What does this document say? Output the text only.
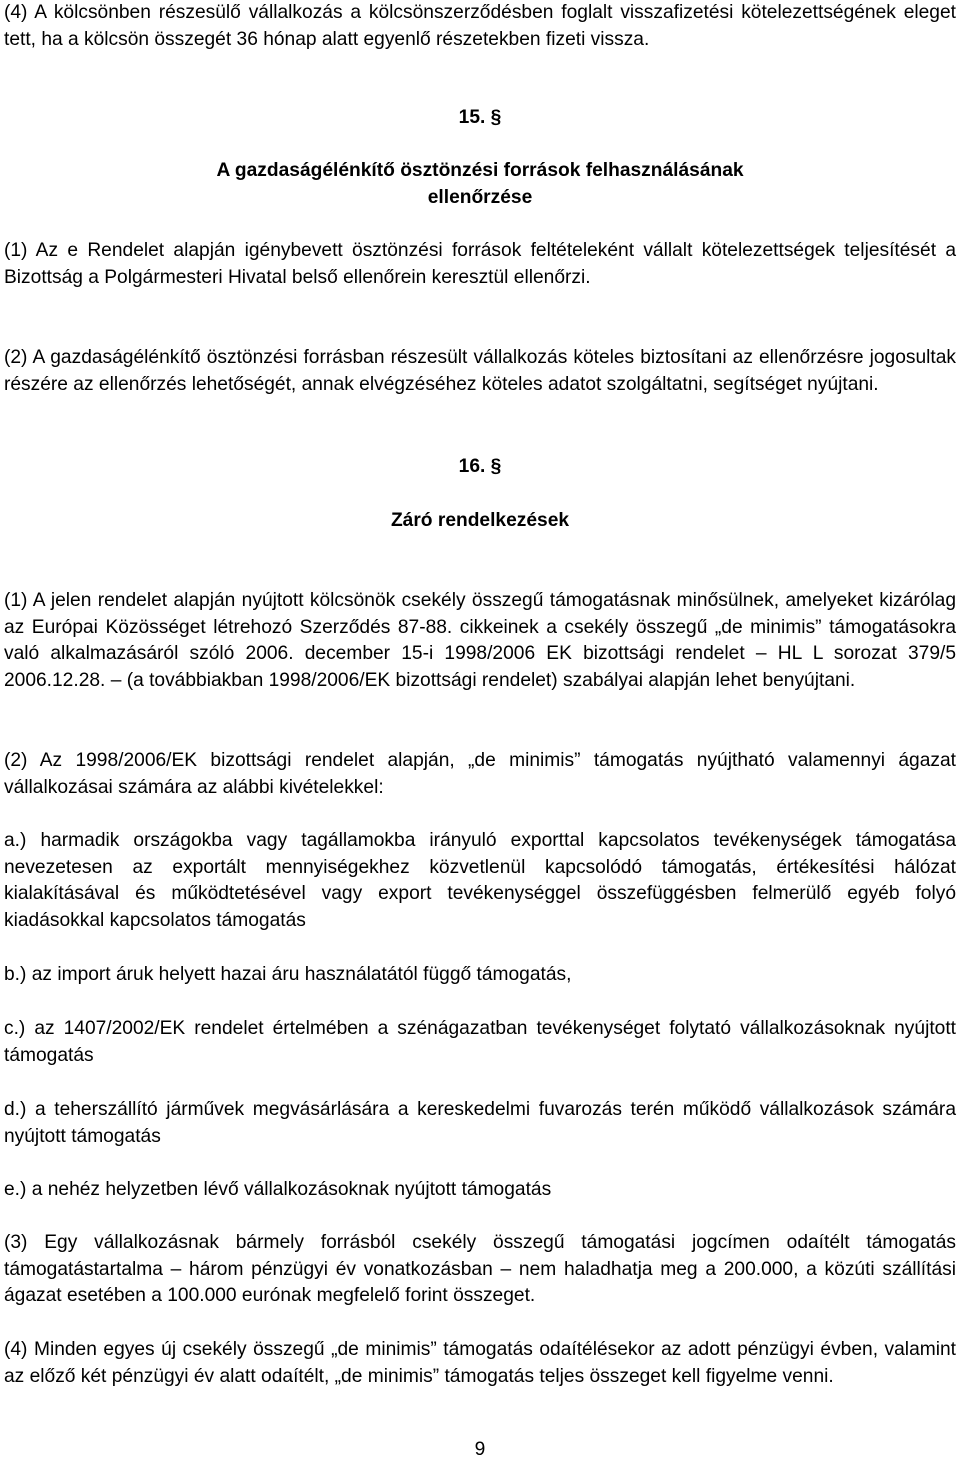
(4) A kölcsönben részesülő vállalkozás a kölcsönszerződésben foglalt visszafizetési kötelezettségének eleget tett, ha a kölcsön összegét 36 hónap alatt egyenlő részetekben fizeti vissza.

15. §
A gazdaságélénkítő ösztönzési források felhasználásának
ellenőrzése

(1) Az e Rendelet alapján igénybevett ösztönzési források feltételeként vállalt kötelezettségek teljesítését a Bizottság a Polgármesteri Hivatal belső ellenőrein keresztül ellenőrzi.

(2) A gazdaságélénkítő ösztönzési forrásban részesült vállalkozás köteles biztosítani az ellenőrzésre jogosultak részére az ellenőrzés lehetőségét, annak elvégzéséhez köteles adatot szolgáltatni, segítséget nyújtani.

16. §
Záró rendelkezések

(1) A jelen rendelet alapján nyújtott kölcsönök csekély összegű támogatásnak minősülnek, amelyeket kizárólag az Európai Közösséget létrehozó Szerződés 87-88. cikkeinek a csekély összegű „de minimis” támogatásokra való alkalmazásáról szóló 2006. december 15-i 1998/2006 EK bizottsági rendelet – HL L sorozat 379/5 2006.12.28. – (a továbbiakban 1998/2006/EK bizottsági rendelet) szabályai alapján lehet benyújtani.

(2) Az 1998/2006/EK bizottsági rendelet alapján, „de minimis” támogatás nyújtható valamennyi ágazat vállalkozásai számára az alábbi kivételekkel:

a.) harmadik országokba vagy tagállamokba irányuló exporttal kapcsolatos tevékenységek támogatása nevezetesen az exportált mennyiségekhez közvetlenül kapcsolódó támogatás, értékesítési hálózat kialakításával és működtetésével vagy export tevékenységgel összefüggésben felmerülő egyéb folyó kiadásokkal kapcsolatos támogatás

b.) az import áruk helyett hazai áru használatától függő támogatás,

c.) az 1407/2002/EK rendelet értelmében a szénágazatban tevékenységet folytató vállalkozásoknak nyújtott támogatás

d.) a teherszállító járművek megvásárlására a kereskedelmi fuvarozás terén működő vállalkozások számára nyújtott támogatás

e.) a nehéz helyzetben lévő vállalkozásoknak nyújtott támogatás

(3) Egy vállalkozásnak bármely forrásból csekély összegű támogatási jogcímen odaítélt támogatás támogatástartalma – három pénzügyi év vonatkozásban – nem haladhatja meg a 200.000, a közúti szállítási ágazat esetében a 100.000 eurónak megfelelő forint összeget.

(4) Minden egyes új csekély összegű „de minimis” támogatás odaítélésekor az adott pénzügyi évben, valamint az előző két pénzügyi év alatt odaítélt, „de minimis” támogatás teljes összeget kell figyelme venni.

9
